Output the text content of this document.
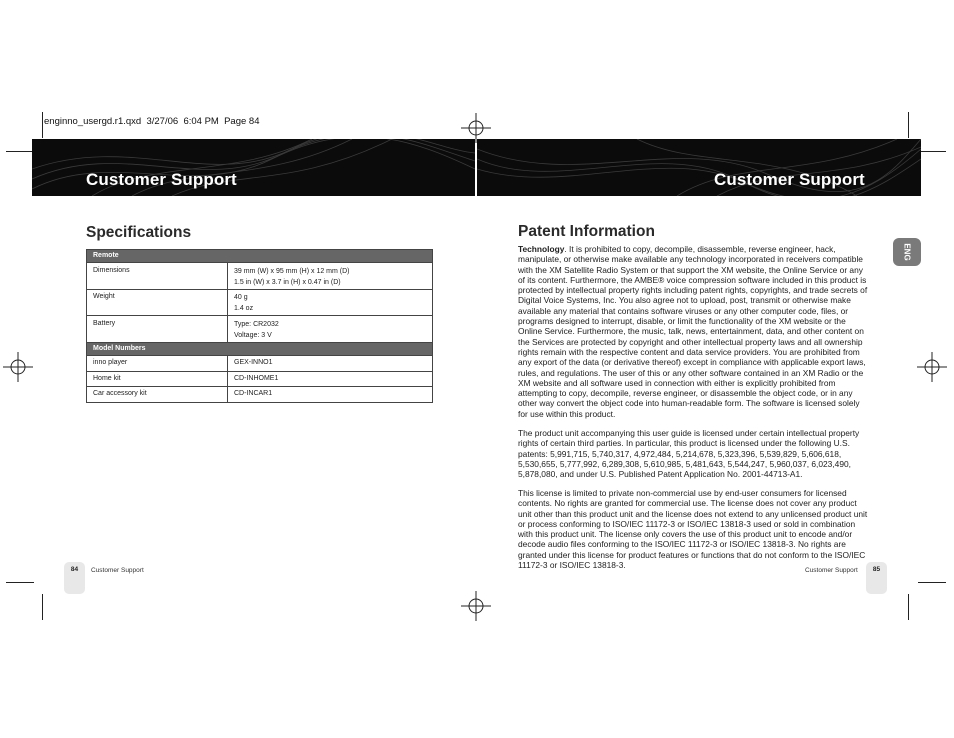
enginno_usergd.r1.qxd  3/27/06  6:04 PM  Page 84
Customer Support	Customer Support
Specifications
Remote	
Dimensions	39 mm (W) x 95 mm (H) x 12 mm (D)
1.5 in (W) x 3.7 in (H) x 0.47 in (D)

Weight	40 g
1.4 oz

Battery	Type: CR2032
Voltage: 3 V

Model Numbers	
inno player	GEX-INNO1
Home kit	CD-INHOME1
Car accessory kit	CD-INCAR1
Patent Information

Technology. It is prohibited to copy, decompile, disassemble, reverse engineer, hack, manipulate, or otherwise make available any technology incorporated in receivers compatible with the XM Satellite Radio System or that support the XM website, the Online Service or any of its content. Furthermore, the AMBE® voice compression software included in this product is protected by intellectual property rights including patent rights, copyrights, and trade secrets of Digital Voice Systems, Inc. You also agree not to upload, post, transmit or otherwise make available any material that contains software viruses or any other computer code, files, or programs designed to interrupt, disable, or limit the functionality of the XM website or the Online Service. Furthermore, the music, talk, news, entertainment, data, and other content on the Services are protected by copyright and other intellectual property laws and all ownership rights remain with the respective content and data service providers. You are prohibited from any export of the data (or derivative thereof) except in compliance with applicable export laws, rules, and regulations. The user of this or any other software contained in an XM Radio or the XM website and all software used in connection with either is explicitly prohibited from attempting to copy, decompile, reverse engineer, or disassemble the object code, or in any other way convert the object code into human-readable form. The software is licensed solely for use within this product.

The product unit accompanying this user guide is licensed under certain intellectual property rights of certain third parties. In particular, this product is licensed under the following U.S. patents: 5,991,715, 5,740,317, 4,972,484, 5,214,678, 5,323,396, 5,539,829, 5,606,618, 5,530,655, 5,777,992, 6,289,308, 5,610,985, 5,481,643, 5,544,247, 5,960,037, 6,023,490, 5,878,080, and under U.S. Published Patent Application No. 2001-44713-A1.

This license is limited to private non-commercial use by end-user consumers for licensed contents. No rights are granted for commercial use. The license does not cover any product unit other than this product unit and the license does not extend to any unlicensed product unit or process conforming to ISO/IEC 11172-3 or ISO/IEC 13818-3 used or sold in combination with this product unit. The license only covers the use of this product unit to encode and/or decode audio files conforming to the ISO/IEC 11172-3 or ISO/IEC 13818-3. No rights are granted under this license for product features or functions that do not conform to the ISO/IEC 11172-3 or ISO/IEC 13818-3.

ENG
84	Customer Support	Customer Support	85
